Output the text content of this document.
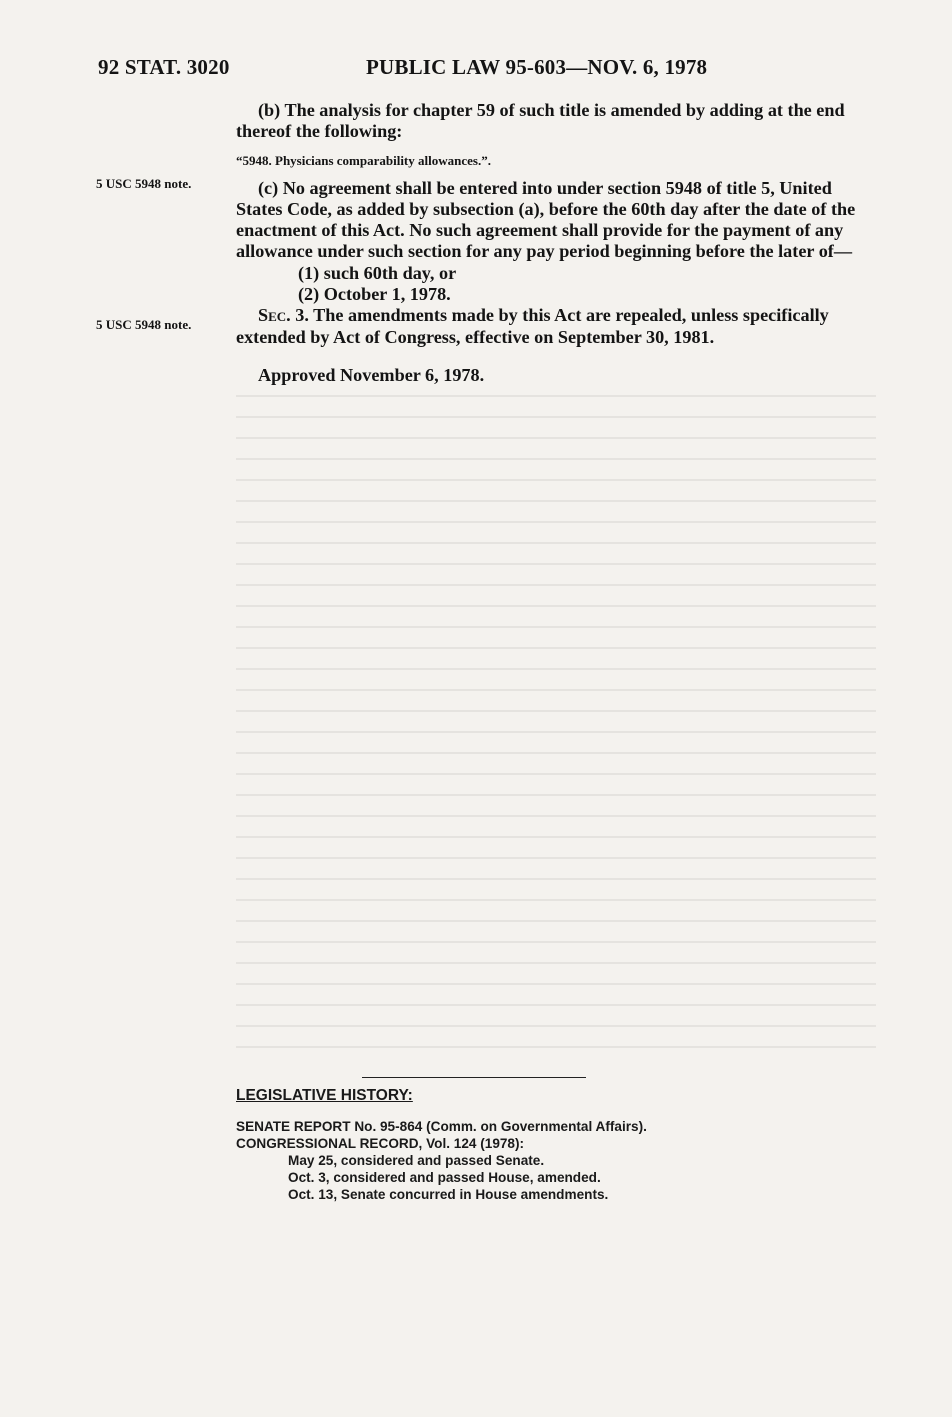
92 STAT. 3020	PUBLIC LAW 95-603—NOV. 6, 1978
5 USC 5948 note.
5 USC 5948 note.

(b) The analysis for chapter 59 of such title is amended by adding at the end thereof the following:

“5948. Physicians comparability allowances.”.

(c) No agreement shall be entered into under section 5948 of title 5, United States Code, as added by subsection (a), before the 60th day after the date of the enactment of this Act. No such agreement shall provide for the payment of any allowance under such section for any pay period beginning before the later of—

(1) such 60th day, or

(2) October 1, 1978.

Sec. 3. The amendments made by this Act are repealed, unless specifically extended by Act of Congress, effective on September 30, 1981.

Approved November 6, 1978.

LEGISLATIVE HISTORY:

SENATE REPORT No. 95-864 (Comm. on Governmental Affairs).

CONGRESSIONAL RECORD, Vol. 124 (1978):

May 25, considered and passed Senate.

Oct. 3, considered and passed House, amended.

Oct. 13, Senate concurred in House amendments.
